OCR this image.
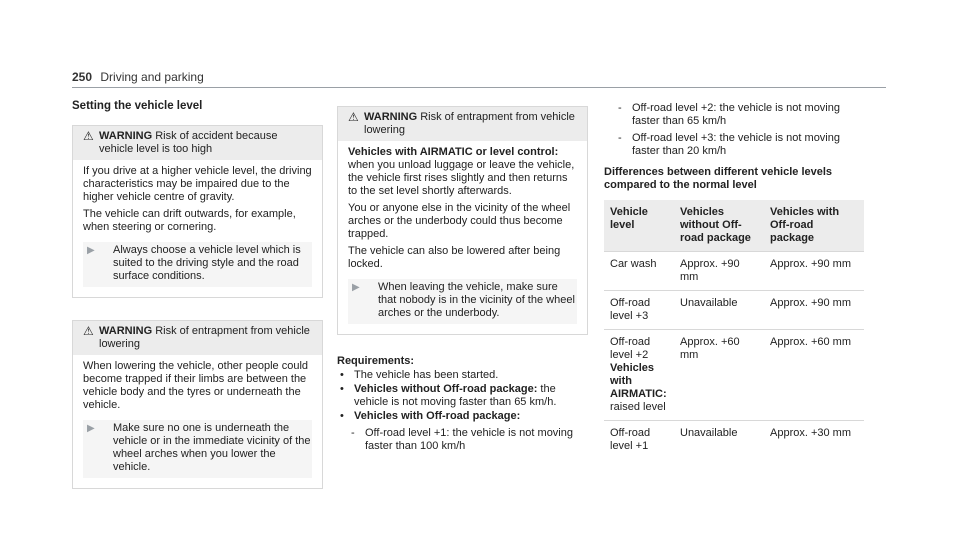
250 Driving and parking
Setting the vehicle level
⚠ WARNING Risk of accident because vehicle level is too high

If you drive at a higher vehicle level, the driving characteristics may be impaired due to the higher vehicle centre of gravity.

The vehicle can drift outwards, for example, when steering or cornering.

▶	Always choose a vehicle level which is suited to the driving style and the road surface conditions.
⚠ WARNING Risk of entrapment from vehicle lowering

When lowering the vehicle, other people could become trapped if their limbs are between the vehicle body and the tyres or underneath the vehicle.

▶	Make sure no one is underneath the vehicle or in the immediate vicinity of the wheel arches when you lower the vehicle.
⚠ WARNING Risk of entrapment from vehicle lowering

Vehicles with AIRMATIC or level control:

when you unload luggage or leave the vehicle, the vehicle first rises slightly and then returns to the set level shortly afterwards.

You or anyone else in the vicinity of the wheel arches or the underbody could thus become trapped.

The vehicle can also be lowered after being locked.

▶	When leaving the vehicle, make sure that nobody is in the vicinity of the wheel arches or the underbody.
Requirements:
• The vehicle has been started.
• Vehicles without Off-road package: the vehicle is not moving faster than 65 km/h.
• Vehicles with Off-road package:
- Off-road level +1: the vehicle is not moving faster than 100 km/h
- Off-road level +2: the vehicle is not moving faster than 65 km/h
- Off-road level +3: the vehicle is not moving faster than 20 km/h
Differences between different vehicle levels compared to the normal level
Vehicle level	Vehicles without Off-road package	Vehicles with Off-road package
Car wash	Approx. +90 mm	Approx. +90 mm
Off-road level +3	Unavailable	Approx. +90 mm

Off-road level +2
Vehicles with AIRMATIC:
raised level	Approx. +60 mm	Approx. +60 mm
Off-road level +1	Unavailable	Approx. +30 mm
